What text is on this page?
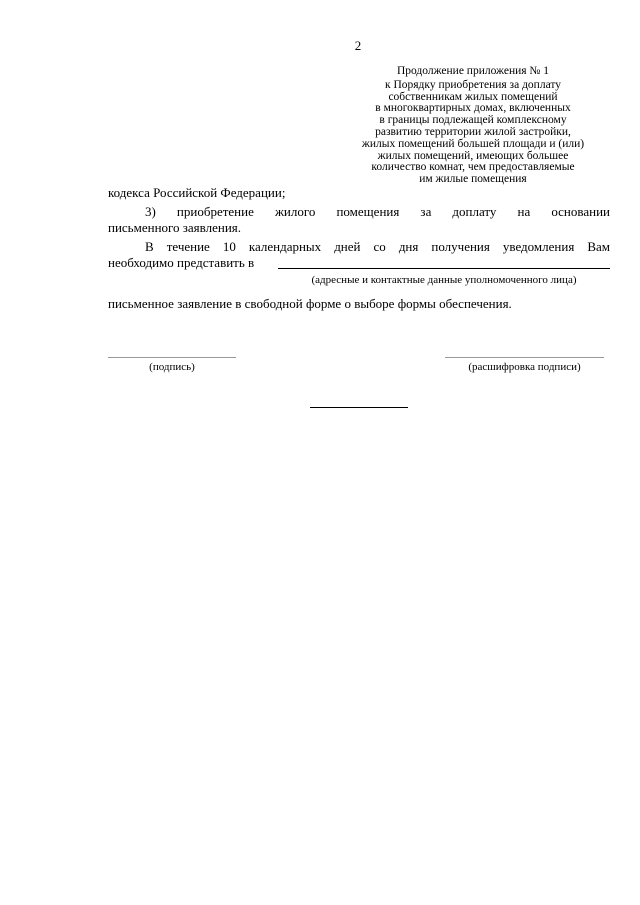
2
Продолжение приложения № 1
к Порядку приобретения за доплату
собственникам жилых помещений
в многоквартирных домах, включенных
в границы подлежащей комплексному
развитию территории жилой застройки,
жилых помещений большей площади и (или)
жилых помещений, имеющих большее
количество комнат, чем предоставляемые
им жилые помещения
кодекса Российской Федерации;
3) приобретение жилого помещения за доплату на основании
письменного заявления.
В течение 10 календарных дней со дня получения уведомления Вам
необходимо представить в
(адресные и контактные данные уполномоченного лица)
письменное заявление в свободной форме о выборе формы обеспечения.
(подпись)	(расшифровка подписи)
